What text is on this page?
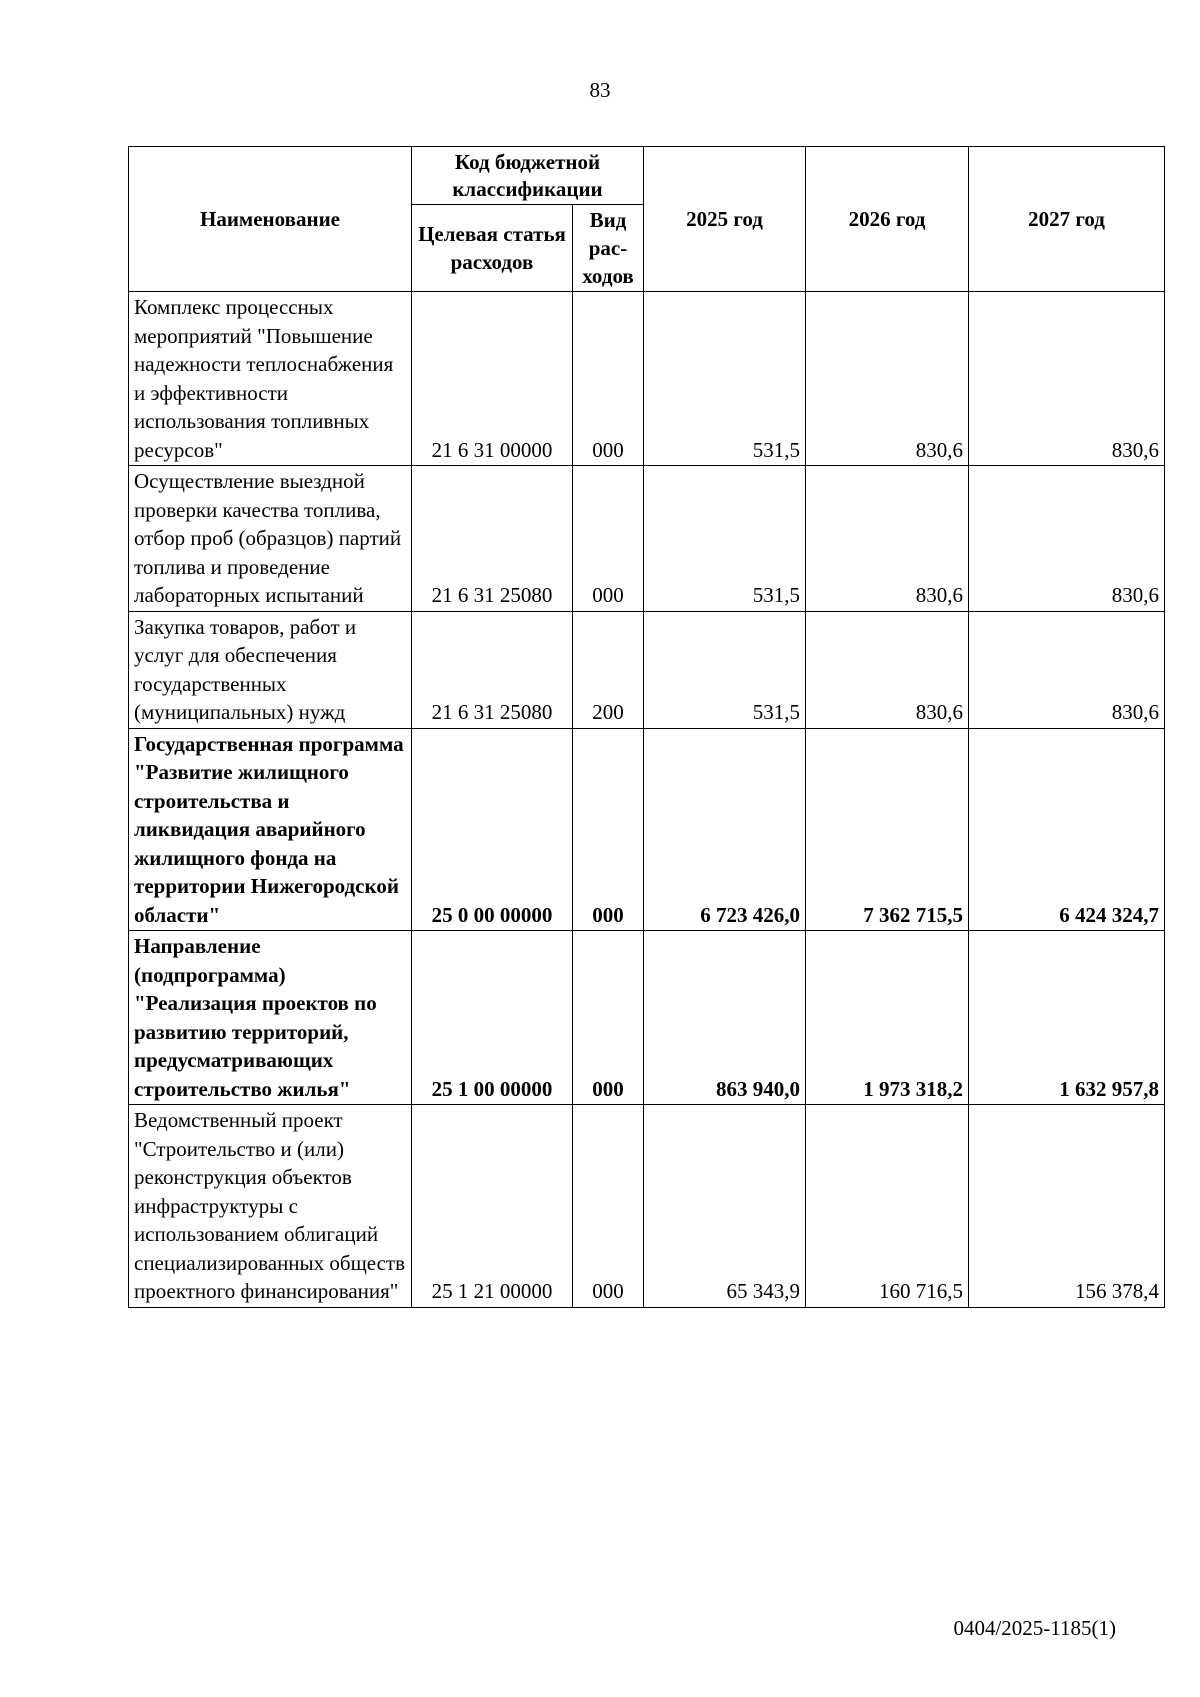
83
Наименование	Код бюджетной классификации		2025 год	2026 год	2027 год
	Целевая статья расходов	Вид рас-ходов			
Комплекс процессных мероприятий "Повышение надежности теплоснабжения и эффективности использования топливных ресурсов"	21 6 31 00000	000	531,5	830,6	830,6
Осуществление выездной проверки качества топлива, отбор проб (образцов) партий топлива и проведение лабораторных испытаний	21 6 31 25080	000	531,5	830,6	830,6
Закупка товаров, работ и услуг для обеспечения государственных (муниципальных) нужд	21 6 31 25080	200	531,5	830,6	830,6
Государственная программа "Развитие жилищного строительства и ликвидация аварийного жилищного фонда на территории Нижегородской области"	25 0 00 00000	000	6 723 426,0	7 362 715,5	6 424 324,7
Направление (подпрограмма) "Реализация проектов по развитию территорий, предусматривающих строительство жилья"	25 1 00 00000	000	863 940,0	1 973 318,2	1 632 957,8
Ведомственный проект "Строительство и (или) реконструкция объектов инфраструктуры с использованием облигаций специализированных обществ проектного финансирования"	25 1 21 00000	000	65 343,9	160 716,5	156 378,4
0404/2025-1185(1)
